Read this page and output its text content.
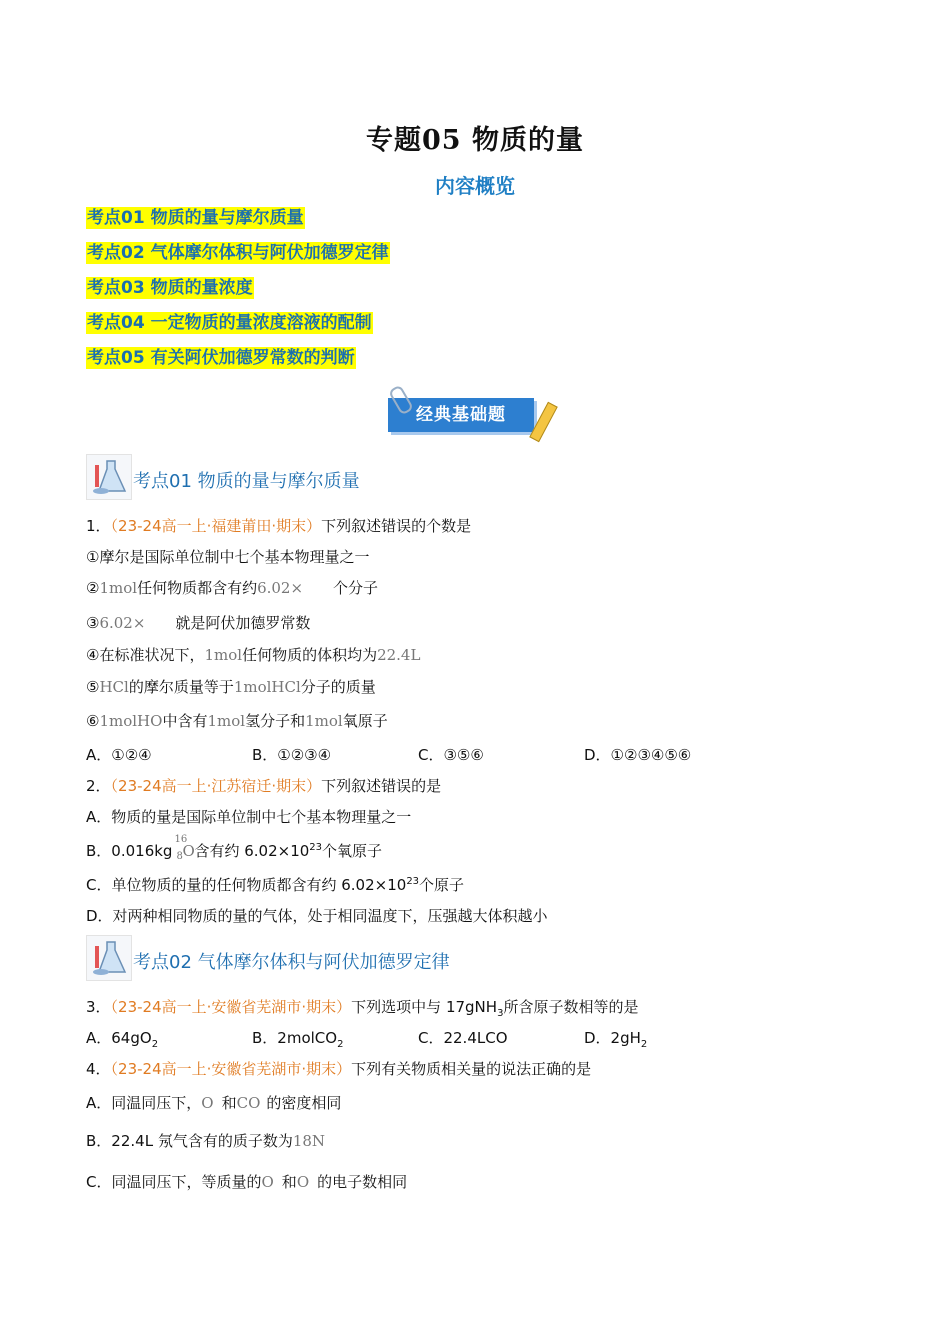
专题05 物质的量
内容概览
考点01 物质的量与摩尔质量
考点02 气体摩尔体积与阿伏加德罗定律
考点03 物质的量浓度
考点04 一定物质的量浓度溶液的配制
考点05 有关阿伏加德罗常数的判断
经典基础题
考点01 物质的量与摩尔质量
1．（23-24高一上·福建莆田·期末）下列叙述错误的个数是
①摩尔是国际单位制中七个基本物理量之一
②1mol任何物质都含有约6.02× 个分子
③6.02× 就是阿伏加德罗常数
④在标准状况下，1mol任何物质的体积均为22.4L
⑤HCl的摩尔质量等于1molHCl分子的质量
⑥1molHO中含有1mol氢分子和1mol氧原子
A．①②④	B．①②③④	C．③⑤⑥	D．①②③④⑤⑥
2．（23-24高一上·江苏宿迁·期末）下列叙述错误的是
A．物质的量是国际单位制中七个基本物理量之一
B．0.016kg
16
8 O含有约 $6.02\times 10^{23}$个氧原子
C．单位物质的量的任何物质都含有约 $6.02\times 10^{23}$个原子
D．对两种相同物质的量的气体，处于相同温度下，压强越大体积越小
考点02 气体摩尔体积与阿伏加德罗定律
3．（23-24高一上·安徽省芜湖市·期末）下列选项中与 17gNH$_3$所含原子数相等的是
A．$64gO_2$	B．2molCO$_2$	C．22.4LCO	D．$2gH_2$
4．（23-24高一上·安徽省芜湖市·期末）下列有关物质相关量的说法正确的是
A．同温同压下，O 和CO 的密度相同
B．22.4L 氖气含有的质子数为18N
C．同温同压下，等质量的O 和O 的电子数相同
